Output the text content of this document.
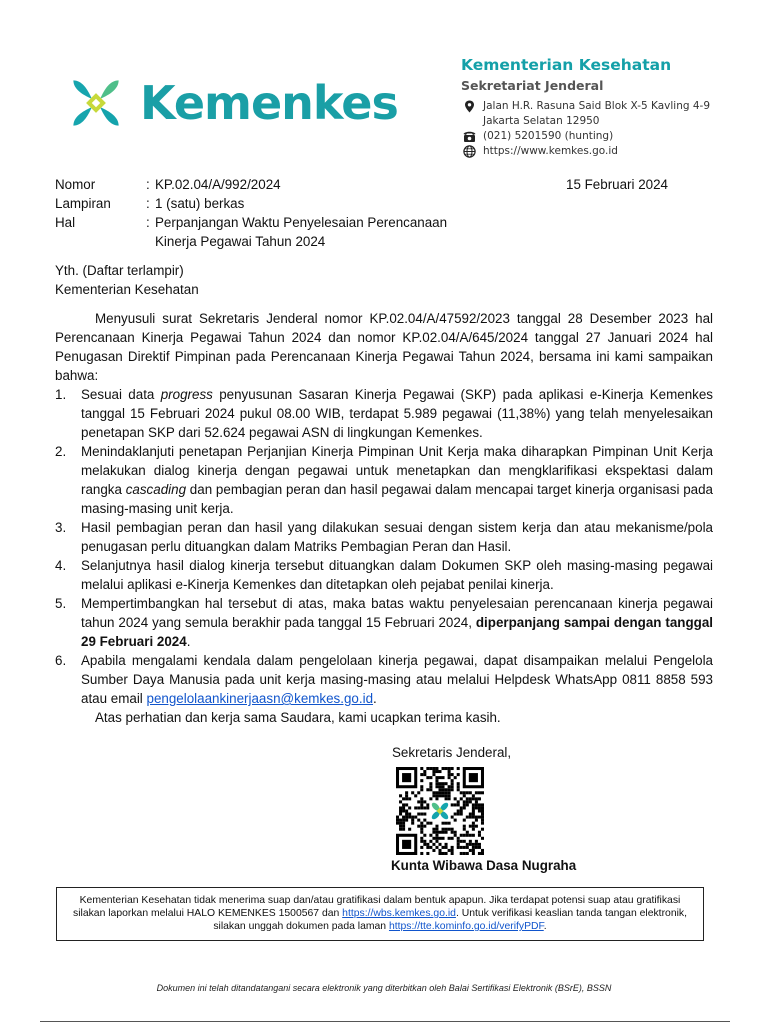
Kemenkes
Kementerian Kesehatan
Sekretariat Jenderal
Jalan H.R. Rasuna Said Blok X-5 Kavling 4-9
Jakarta Selatan 12950
(021) 5201590 (hunting)
https://www.kemkes.go.id
Nomor	: KP.02.04/A/992/2024
Lampiran	: 1 (satu) berkas
Hal	: Perpanjangan Waktu Penyelesaian Perencanaan
Kinerja Pegawai Tahun 2024
15 Februari 2024
Yth. (Daftar terlampir)
Kementerian Kesehatan
Menyusuli surat Sekretaris Jenderal nomor KP.02.04/A/47592/2023 tanggal 28 Desember 2023 hal Perencanaan Kinerja Pegawai Tahun 2024 dan nomor KP.02.04/A/645/2024 tanggal 27 Januari 2024 hal Penugasan Direktif Pimpinan pada Perencanaan Kinerja Pegawai Tahun 2024, bersama ini kami sampaikan bahwa:
1. Sesuai data progress penyusunan Sasaran Kinerja Pegawai (SKP) pada aplikasi e-Kinerja Kemenkes tanggal 15 Februari 2024 pukul 08.00 WIB, terdapat 5.989 pegawai (11,38%) yang telah menyelesaikan penetapan SKP dari 52.624 pegawai ASN di lingkungan Kemenkes.
2. Menindaklanjuti penetapan Perjanjian Kinerja Pimpinan Unit Kerja maka diharapkan Pimpinan Unit Kerja melakukan dialog kinerja dengan pegawai untuk menetapkan dan mengklarifikasi ekspektasi dalam rangka cascading dan pembagian peran dan hasil pegawai dalam mencapai target kinerja organisasi pada masing-masing unit kerja.
3. Hasil pembagian peran dan hasil yang dilakukan sesuai dengan sistem kerja dan atau mekanisme/pola penugasan perlu dituangkan dalam Matriks Pembagian Peran dan Hasil.
4. Selanjutnya hasil dialog kinerja tersebut dituangkan dalam Dokumen SKP oleh masing-masing pegawai melalui aplikasi e-Kinerja Kemenkes dan ditetapkan oleh pejabat penilai kinerja.
5. Mempertimbangkan hal tersebut di atas, maka batas waktu penyelesaian perencanaan kinerja pegawai tahun 2024 yang semula berakhir pada tanggal 15 Februari 2024, diperpanjang sampai dengan tanggal 29 Februari 2024.
6. Apabila mengalami kendala dalam pengelolaan kinerja pegawai, dapat disampaikan melalui Pengelola Sumber Daya Manusia pada unit kerja masing-masing atau melalui Helpdesk WhatsApp 0811 8858 593 atau email pengelolaankinerjaasn@kemkes.go.id.
Atas perhatian dan kerja sama Saudara, kami ucapkan terima kasih.
Sekretaris Jenderal,
Kunta Wibawa Dasa Nugraha
Kementerian Kesehatan tidak menerima suap dan/atau gratifikasi dalam bentuk apapun. Jika terdapat potensi suap atau gratifikasi silakan laporkan melalui HALO KEMENKES 1500567 dan https://wbs.kemkes.go.id. Untuk verifikasi keaslian tanda tangan elektronik, silakan unggah dokumen pada laman https://tte.kominfo.go.id/verifyPDF.
Dokumen ini telah ditandatangani secara elektronik yang diterbitkan oleh Balai Sertifikasi Elektronik (BSrE), BSSN
